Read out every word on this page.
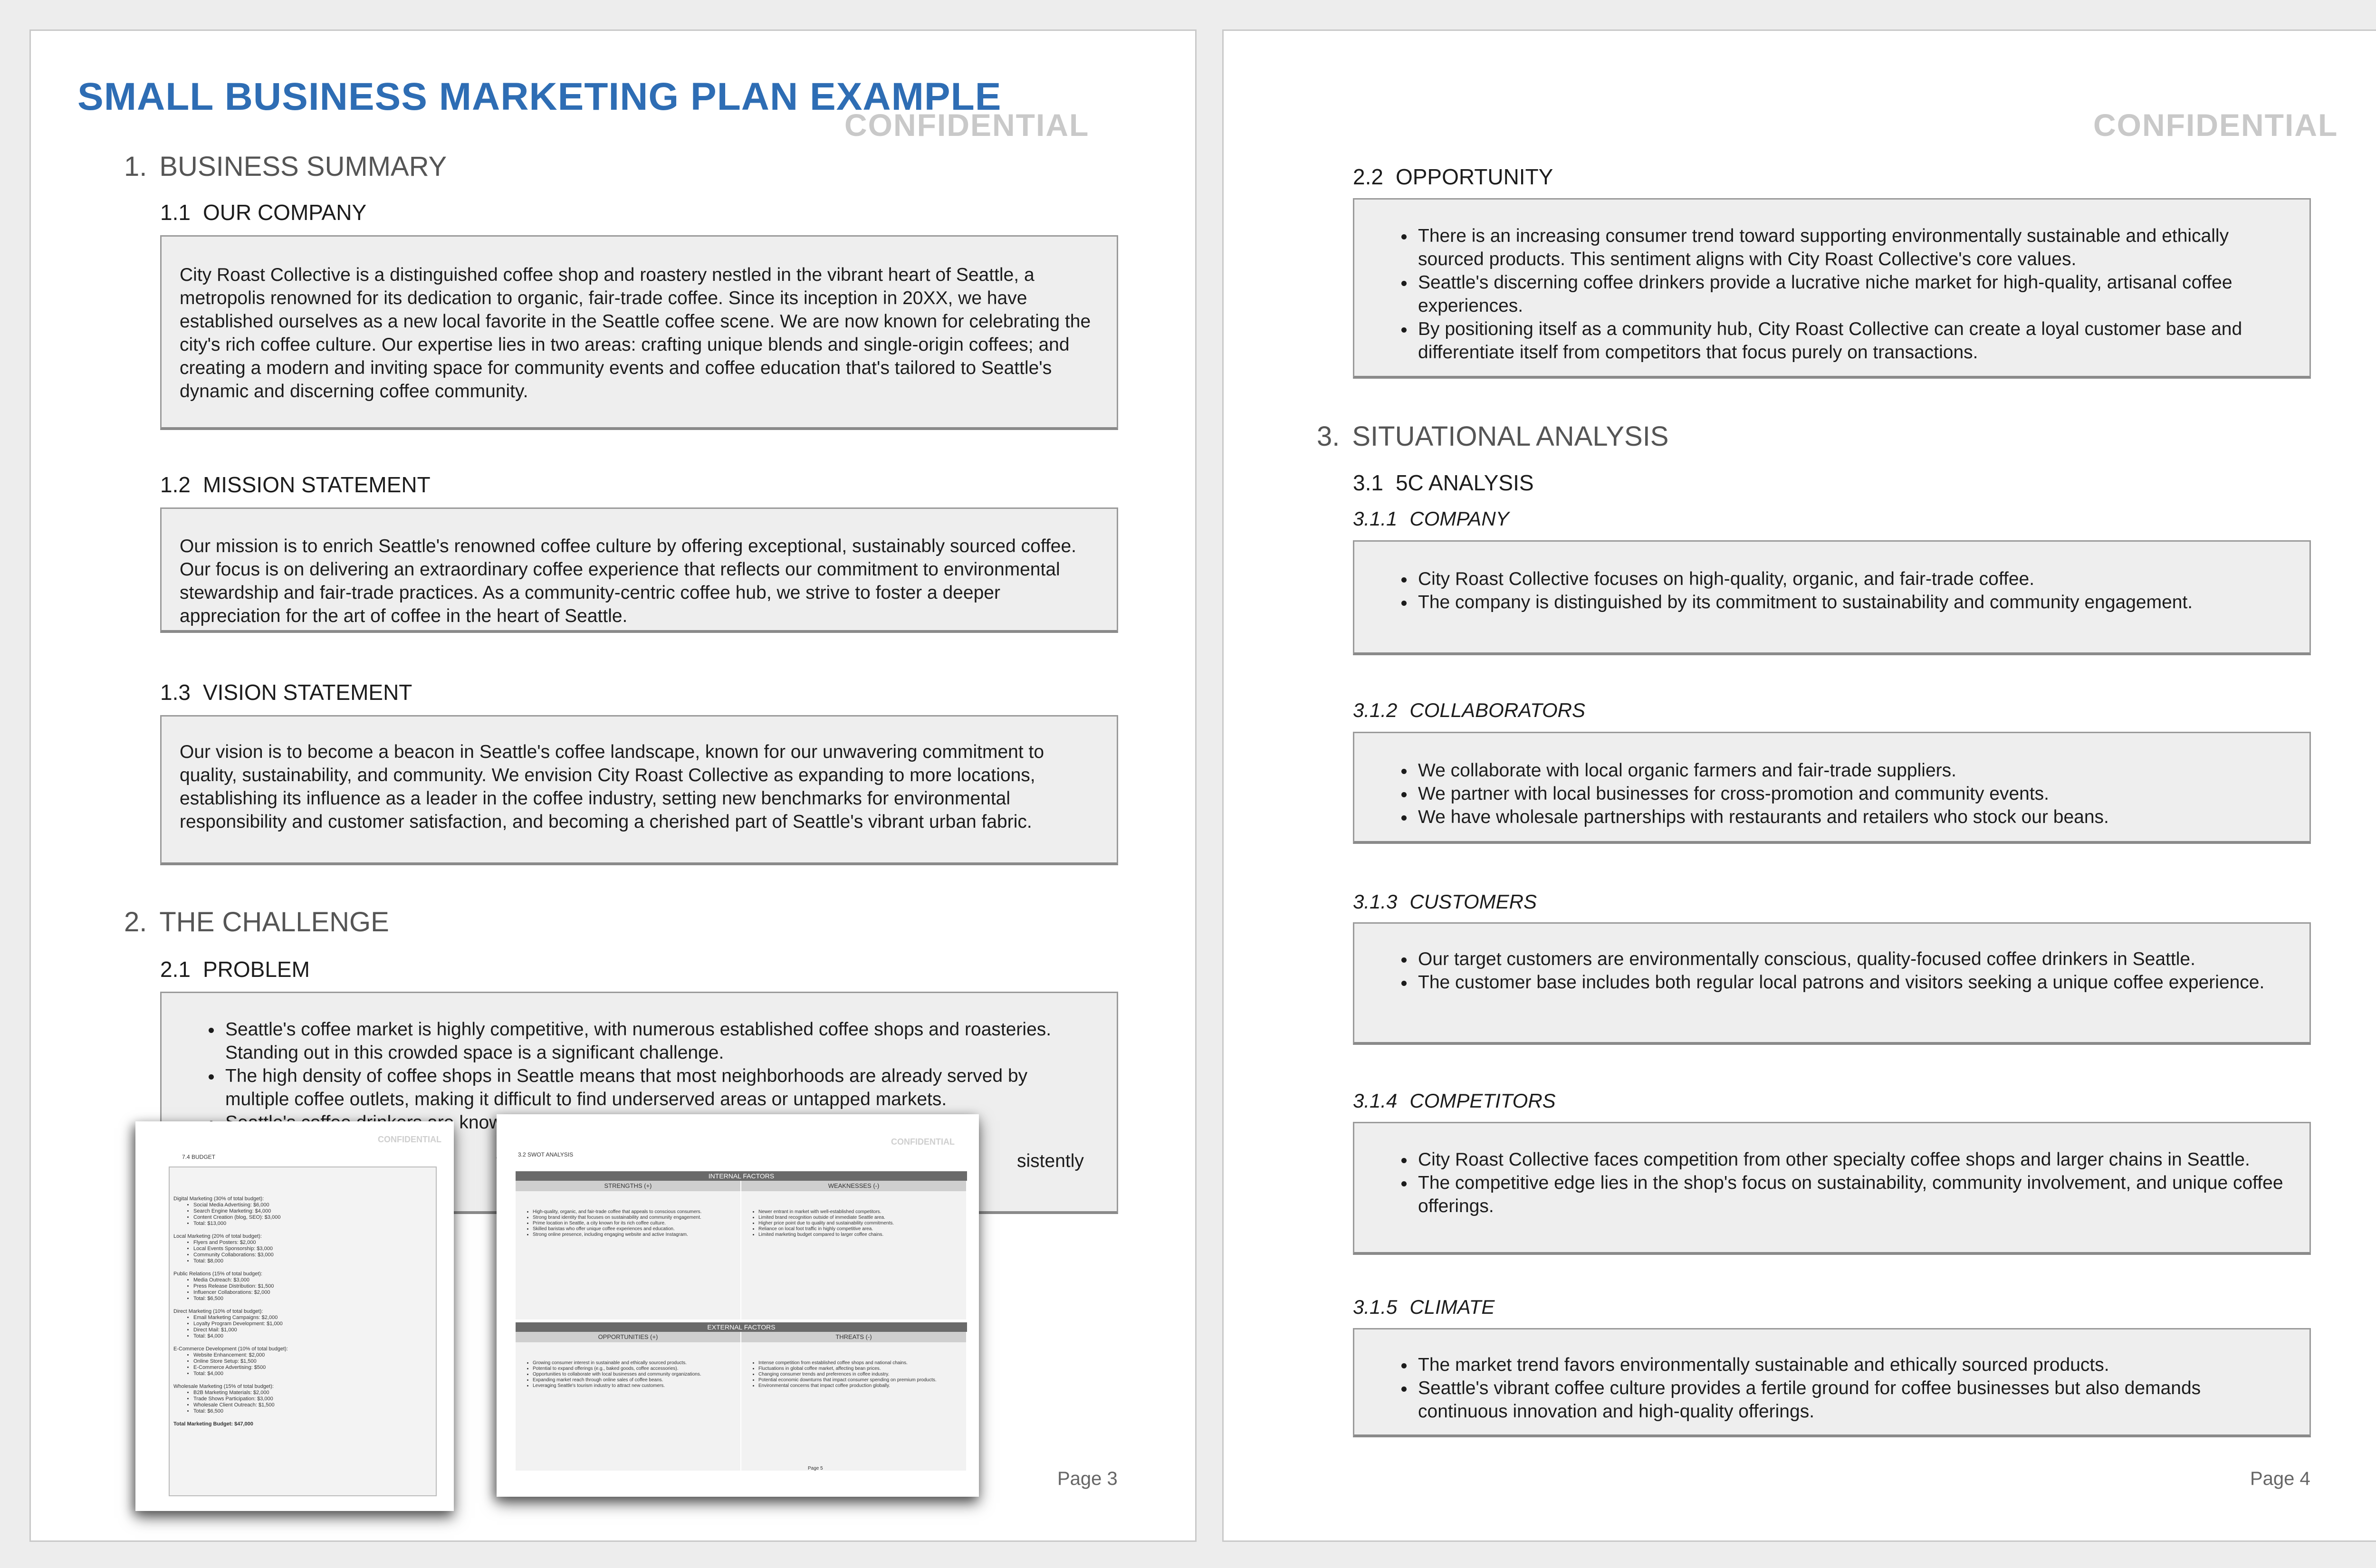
SMALL BUSINESS MARKETING PLAN EXAMPLE
CONFIDENTIAL
1. BUSINESS SUMMARY
1.1 OUR COMPANY

City Roast Collective is a distinguished coffee shop and roastery nestled in the vibrant heart of Seattle, a metropolis renowned for its dedication to organic, fair-trade coffee. Since its inception in 20XX, we have established ourselves as a new local favorite in the Seattle coffee scene. We are now known for celebrating the city's rich coffee culture. Our expertise lies in two areas: crafting unique blends and single-origin coffees; and creating a modern and inviting space for community events and coffee education that's tailored to Seattle's dynamic and discerning coffee community.

1.2 MISSION STATEMENT

Our mission is to enrich Seattle's renowned coffee culture by offering exceptional, sustainably sourced coffee. Our focus is on delivering an extraordinary coffee experience that reflects our commitment to environmental stewardship and fair-trade practices. As a community-centric coffee hub, we strive to foster a deeper appreciation for the art of coffee in the heart of Seattle.

1.3 VISION STATEMENT

Our vision is to become a beacon in Seattle's coffee landscape, known for our unwavering commitment to quality, sustainability, and community. We envision City Roast Collective as expanding to more locations, establishing its influence as a leader in the coffee industry, setting new benchmarks for environmental responsibility and customer satisfaction, and becoming a cherished part of Seattle's vibrant urban fabric.

2. THE CHALLENGE
2.1 PROBLEM
• Seattle's coffee market is highly competitive, with numerous established coffee shops and roasteries. Standing out in this crowded space is a significant challenge.
• The high density of coffee shops in Seattle means that most neighborhoods are already served by multiple coffee outlets, making it difficult to find underserved areas or untapped markets.
• known
sistently
Page 3
CONFIDENTIAL
2.2 OPPORTUNITY
• There is an increasing consumer trend toward supporting environmentally sustainable and ethically sourced products. This sentiment aligns with City Roast Collective's core values.
• Seattle's discerning coffee drinkers provide a lucrative niche market for high-quality, artisanal coffee experiences.
• By positioning itself as a community hub, City Roast Collective can create a loyal customer base and differentiate itself from competitors that focus purely on transactions.
3. SITUATIONAL ANALYSIS
3.1 5C ANALYSIS
3.1.1 COMPANY
• City Roast Collective focuses on high-quality, organic, and fair-trade coffee.
• The company is distinguished by its commitment to sustainability and community engagement.
3.1.2 COLLABORATORS
• We collaborate with local organic farmers and fair-trade suppliers.
• We partner with local businesses for cross-promotion and community events.
• We have wholesale partnerships with restaurants and retailers who stock our beans.
3.1.3 CUSTOMERS
• Our target customers are environmentally conscious, quality-focused coffee drinkers in Seattle.
• The customer base includes both regular local patrons and visitors seeking a unique coffee experience.
3.1.4 COMPETITORS
• City Roast Collective faces competition from other specialty coffee shops and larger chains in Seattle.
• The competitive edge lies in the shop's focus on sustainability, community involvement, and unique coffee offerings.
3.1.5 CLIMATE
• The market trend favors environmentally sustainable and ethically sourced products.
• Seattle's vibrant coffee culture provides a fertile ground for coffee businesses but also demands continuous innovation and high-quality offerings.
Page 4
7.4 BUDGET
CONFIDENTIAL
Digital Marketing (30% of total budget):
• Social Media Advertising: $6,000
• Search Engine Marketing: $4,000
• Content Creation (blog, SEO): $3,000
• Total: $13,000
Local Marketing (20% of total budget):
• Flyers and Posters: $2,000
• Local Events Sponsorship: $3,000
• Community Collaborations: $3,000
• Total: $8,000
Public Relations (15% of total budget):
• Media Outreach: $3,000
• Press Release Distribution: $1,500
• Influencer Collaborations: $2,000
• Total: $6,500
Direct Marketing (10% of total budget):
• Email Marketing Campaigns: $2,000
• Loyalty Program Development: $1,000
• Direct Mail: $1,000
• Total: $4,000
E-Commerce Development (10% of total budget):
• Website Enhancement: $2,000
• Online Store Setup: $1,500
• E-Commerce Advertising: $500
• Total: $4,000
Wholesale Marketing (15% of total budget):
• B2B Marketing Materials: $2,000
• Trade Shows Participation: $3,000
• Wholesale Client Outreach: $1,500
• Total: $6,500
Total Marketing Budget: $47,000
3.2 SWOT ANALYSIS
CONFIDENTIAL
INTERNAL FACTORS
STRENGTHS (+)	WEAKNESSES (-)
• High-quality, organic, and fair-trade coffee that appeals to conscious consumers.
• Strong brand identity that focuses on sustainability and community engagement.
• Prime location in Seattle, a city known for its rich coffee culture.
• Skilled baristas who offer unique coffee experiences and education.
• Strong online presence, including engaging website and active Instagram.
• Newer entrant in market with well-established competitors.
• Limited brand recognition outside of immediate Seattle area.
• Higher price point due to quality and sustainability commitments.
• Reliance on local foot traffic in highly competitive area.
• Limited marketing budget compared to larger coffee chains.
EXTERNAL FACTORS
OPPORTUNITIES (+)	THREATS (-)
• Growing consumer interest in sustainable and ethically sourced products.
• Potential to expand offerings (e.g., baked goods, coffee accessories).
• Opportunities to collaborate with local businesses and community organizations.
• Expanding market reach through online sales of coffee beans.
• Leveraging Seattle's tourism industry to attract new customers.
• Intense competition from established coffee shops and national chains.
• Fluctuations in global coffee market, affecting bean prices.
• Changing consumer trends and preferences in coffee industry.
• Potential economic downturns that impact consumer spending on premium products.
• Environmental concerns that impact coffee production globally.
Page 5
